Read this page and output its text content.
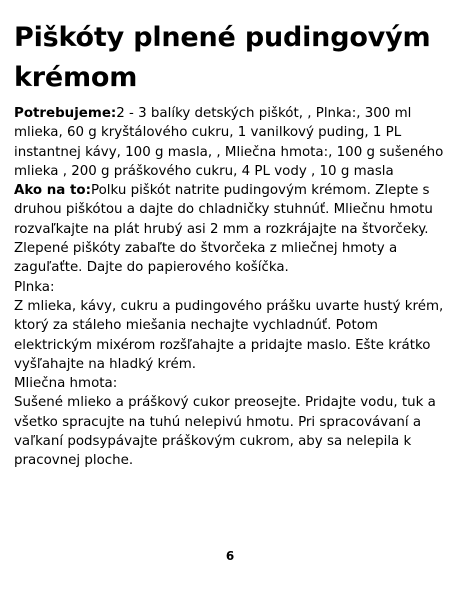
Piškóty plnené pudingovým krémom

Potrebujeme:2 - 3 balíky detských piškót, , Plnka:, 300 ml mlieka, 60 g kryštálového cukru, 1 vanilkový puding, 1 PL instantnej kávy, 100 g masla, , Mliečna hmota:, 100 g sušeného mlieka , 200 g práškového cukru, 4 PL vody , 10 g masla

Ako na to:Polku piškót natrite pudingovým krémom. Zlepte s druhou piškótou a dajte do chladničky stuhnúť. Mliečnu hmotu rozvaľkajte na plát hrubý asi 2 mm a rozkrájajte na štvorčeky. Zlepené piškóty zabaľte do štvorčeka z mliečnej hmoty a zaguľaťte. Dajte do papierového košíčka.

Plnka:

Z mlieka, kávy, cukru a pudingového prášku uvarte hustý krém, ktorý za stáleho miešania nechajte vychladnúť. Potom elektrickým mixérom rozšľahajte a pridajte maslo. Ešte krátko vyšľahajte na hladký krém.

Mliečna hmota:

Sušené mlieko a práškový cukor preosejte. Pridajte vodu, tuk a všetko spracujte na tuhú nelepivú hmotu. Pri spracovávaní a vaľkaní podsypávajte práškovým cukrom, aby sa nelepila k pracovnej ploche.

6
